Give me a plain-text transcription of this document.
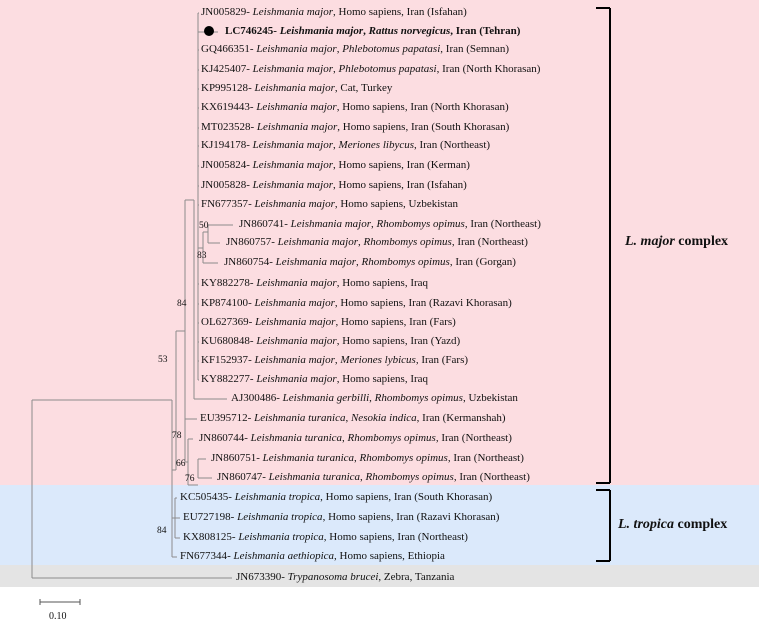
JN005829- Leishmania major, Homo sapiens, Iran (Isfahan)
LC746245- Leishmania major, Rattus norvegicus, Iran (Tehran)
GQ466351- Leishmania major, Phlebotomus papatasi, Iran (Semnan)
KJ425407- Leishmania major, Phlebotomus papatasi, Iran (North Khorasan)
KP995128- Leishmania major, Cat, Turkey
KX619443- Leishmania major, Homo sapiens, Iran (North Khorasan)
MT023528- Leishmania major, Homo sapiens, Iran (South Khorasan)
KJ194178- Leishmania major, Meriones libycus, Iran (Northeast)
JN005824- Leishmania major, Homo sapiens, Iran (Kerman)
JN005828- Leishmania major, Homo sapiens, Iran (Isfahan)
FN677357- Leishmania major, Homo sapiens, Uzbekistan
JN860741- Leishmania major, Rhombomys opimus, Iran (Northeast)
JN860757- Leishmania major, Rhombomys opimus, Iran (Northeast)
JN860754- Leishmania major, Rhombomys opimus, Iran (Gorgan)
KY882278- Leishmania major, Homo sapiens, Iraq
KP874100- Leishmania major, Homo sapiens, Iran (Razavi Khorasan)
OL627369- Leishmania major, Homo sapiens, Iran (Fars)
KU680848- Leishmania major, Homo sapiens, Iran (Yazd)
KF152937- Leishmania major, Meriones lybicus, Iran (Fars)
KY882277- Leishmania major, Homo sapiens, Iraq
AJ300486- Leishmania gerbilli, Rhombomys opimus, Uzbekistan
EU395712- Leishmania turanica, Nesokia indica, Iran (Kermanshah)
JN860744- Leishmania turanica, Rhombomys opimus, Iran (Northeast)
JN860751- Leishmania turanica, Rhombomys opimus, Iran (Northeast)
JN860747- Leishmania turanica, Rhombomys opimus, Iran (Northeast)
KC505435- Leishmania tropica, Homo sapiens, Iran (South Khorasan)
EU727198- Leishmania tropica, Homo sapiens, Iran (Razavi Khorasan)
KX808125- Leishmania tropica, Homo sapiens, Iran (Northeast)
FN677344- Leishmania aethiopica, Homo sapiens, Ethiopia
JN673390- Trypanosoma brucei, Zebra, Tanzania
50
83
84
53
78
66
76
84
L. major complex
L. tropica complex
0.10
